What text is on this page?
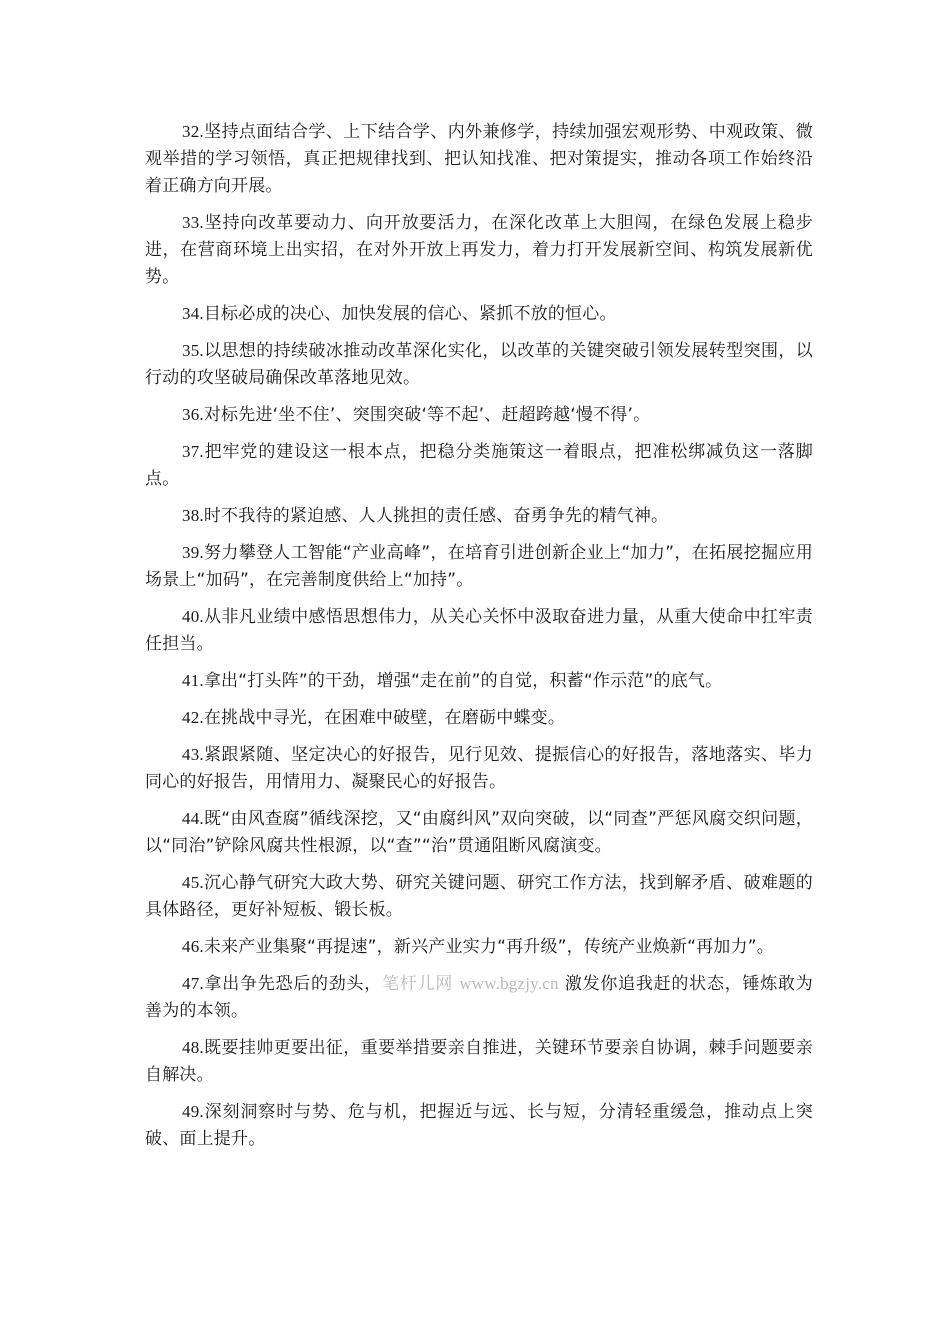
32.坚持点面结合学、上下结合学、内外兼修学，持续加强宏观形势、中观政策、微观举措的学习领悟，真正把规律找到、把认知找准、把对策提实，推动各项工作始终沿着正确方向开展。

33.坚持向改革要动力、向开放要活力，在深化改革上大胆闯，在绿色发展上稳步进，在营商环境上出实招，在对外开放上再发力，着力打开发展新空间、构筑发展新优势。

34.目标必成的决心、加快发展的信心、紧抓不放的恒心。

35.以思想的持续破冰推动改革深化实化，以改革的关键突破引领发展转型突围，以行动的攻坚破局确保改革落地见效。

36.对标先进‘坐不住’、突围突破‘等不起’、赶超跨越‘慢不得’。

37.把牢党的建设这一根本点，把稳分类施策这一着眼点，把准松绑减负这一落脚点。

38.时不我待的紧迫感、人人挑担的责任感、奋勇争先的精气神。

39.努力攀登人工智能“产业高峰”，在培育引进创新企业上“加力”，在拓展挖掘应用场景上“加码”，在完善制度供给上“加持”。

40.从非凡业绩中感悟思想伟力，从关心关怀中汲取奋进力量，从重大使命中扛牢责任担当。

41.拿出“打头阵”的干劲，增强“走在前”的自觉，积蓄“作示范”的底气。

42.在挑战中寻光，在困难中破壁，在磨砺中蝶变。

43.紧跟紧随、坚定决心的好报告，见行见效、提振信心的好报告，落地落实、毕力同心的好报告，用情用力、凝聚民心的好报告。

44.既“由风查腐”循线深挖，又“由腐纠风”双向突破，以“同查”严惩风腐交织问题，以“同治”铲除风腐共性根源，以“查”“治”贯通阻断风腐演变。

45.沉心静气研究大政大势、研究关键问题、研究工作方法，找到解矛盾、破难题的具体路径，更好补短板、锻长板。

46.未来产业集聚“再提速”，新兴产业实力“再升级”，传统产业焕新“再加力”。

47.拿出争先恐后的劲头，笔杆儿网 www.bgzjy.cn 激发你追我赶的状态，锤炼敢为善为的本领。

48.既要挂帅更要出征，重要举措要亲自推进，关键环节要亲自协调，棘手问题要亲自解决。

49.深刻洞察时与势、危与机，把握近与远、长与短，分清轻重缓急，推动点上突破、面上提升。
